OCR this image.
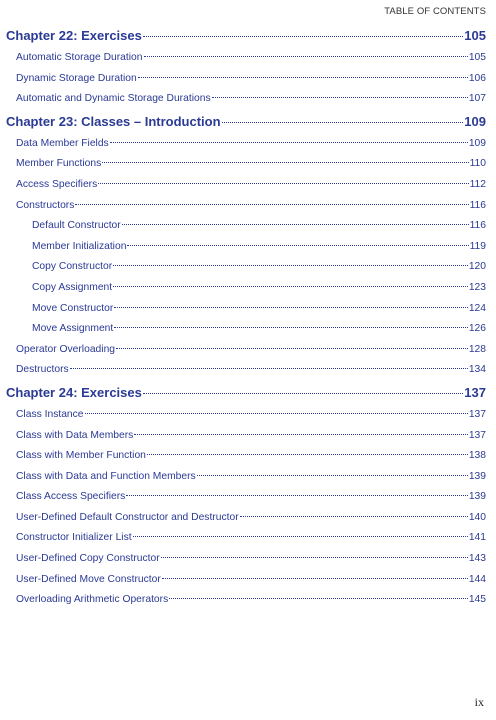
TABLE OF CONTENTS
Chapter 22: Exercises	105
Automatic Storage Duration	105
Dynamic Storage Duration	106
Automatic and Dynamic Storage Durations	107
Chapter 23: Classes – Introduction	109
Data Member Fields	109
Member Functions	110
Access Specifiers	112
Constructors	116
Default Constructor	116
Member Initialization	119
Copy Constructor	120
Copy Assignment	123
Move Constructor	124
Move Assignment	126
Operator Overloading	128
Destructors	134
Chapter 24: Exercises	137
Class Instance	137
Class with Data Members	137
Class with Member Function	138
Class with Data and Function Members	139
Class Access Specifiers	139
User-Defined Default Constructor and Destructor	140
Constructor Initializer List	141
User-Defined Copy Constructor	143
User-Defined Move Constructor	144
Overloading Arithmetic Operators	145
ix
